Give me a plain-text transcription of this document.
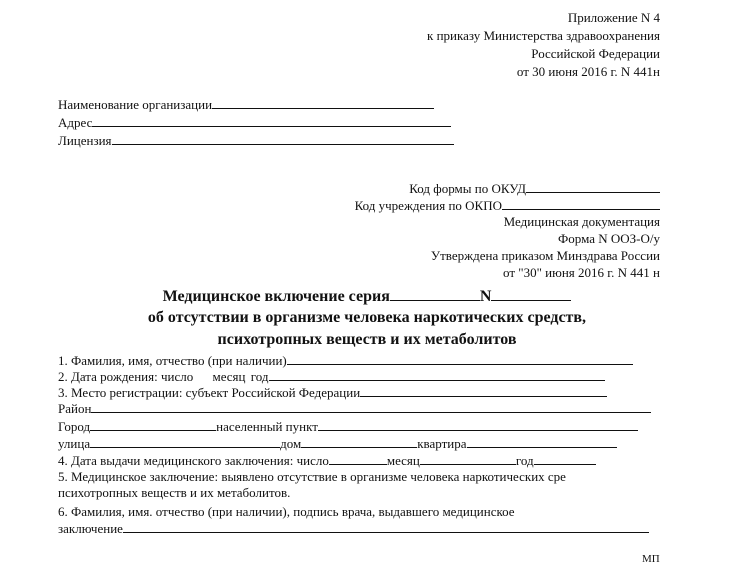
Приложение N 4
к приказу Министерства здравоохранения
Российской Федерации
от 30 июня 2016 г. N 441н
Наименование организации
Адрес
Лицензия
Код формы по ОКУД
Код учреждения по ОКПО
Медицинская документация
Форма N ООЗ-О/у
Утверждена приказом Минздрава России
от "30" июня 2016 г. N 441 н
Медицинское включение серия	N
об отсутствии в организме человека наркотических средств,
психотропных веществ и их метаболитов
1. Фамилия, имя, отчество (при наличии)
2. Дата рождения: число месяц год
3. Место регистрации: субъект Российской Федерации
Район
Город	населенный пункт
улица	дом	квартира
4. Дата выдачи медицинского заключения: число	месяц	год
5. Медицинское заключение: выявлено отсутствие в организме человека наркотических сре
психотропных веществ и их метаболитов.
6. Фамилия, имя. отчество (при наличии), подпись врача, выдавшего медицинское
заключение
МП
